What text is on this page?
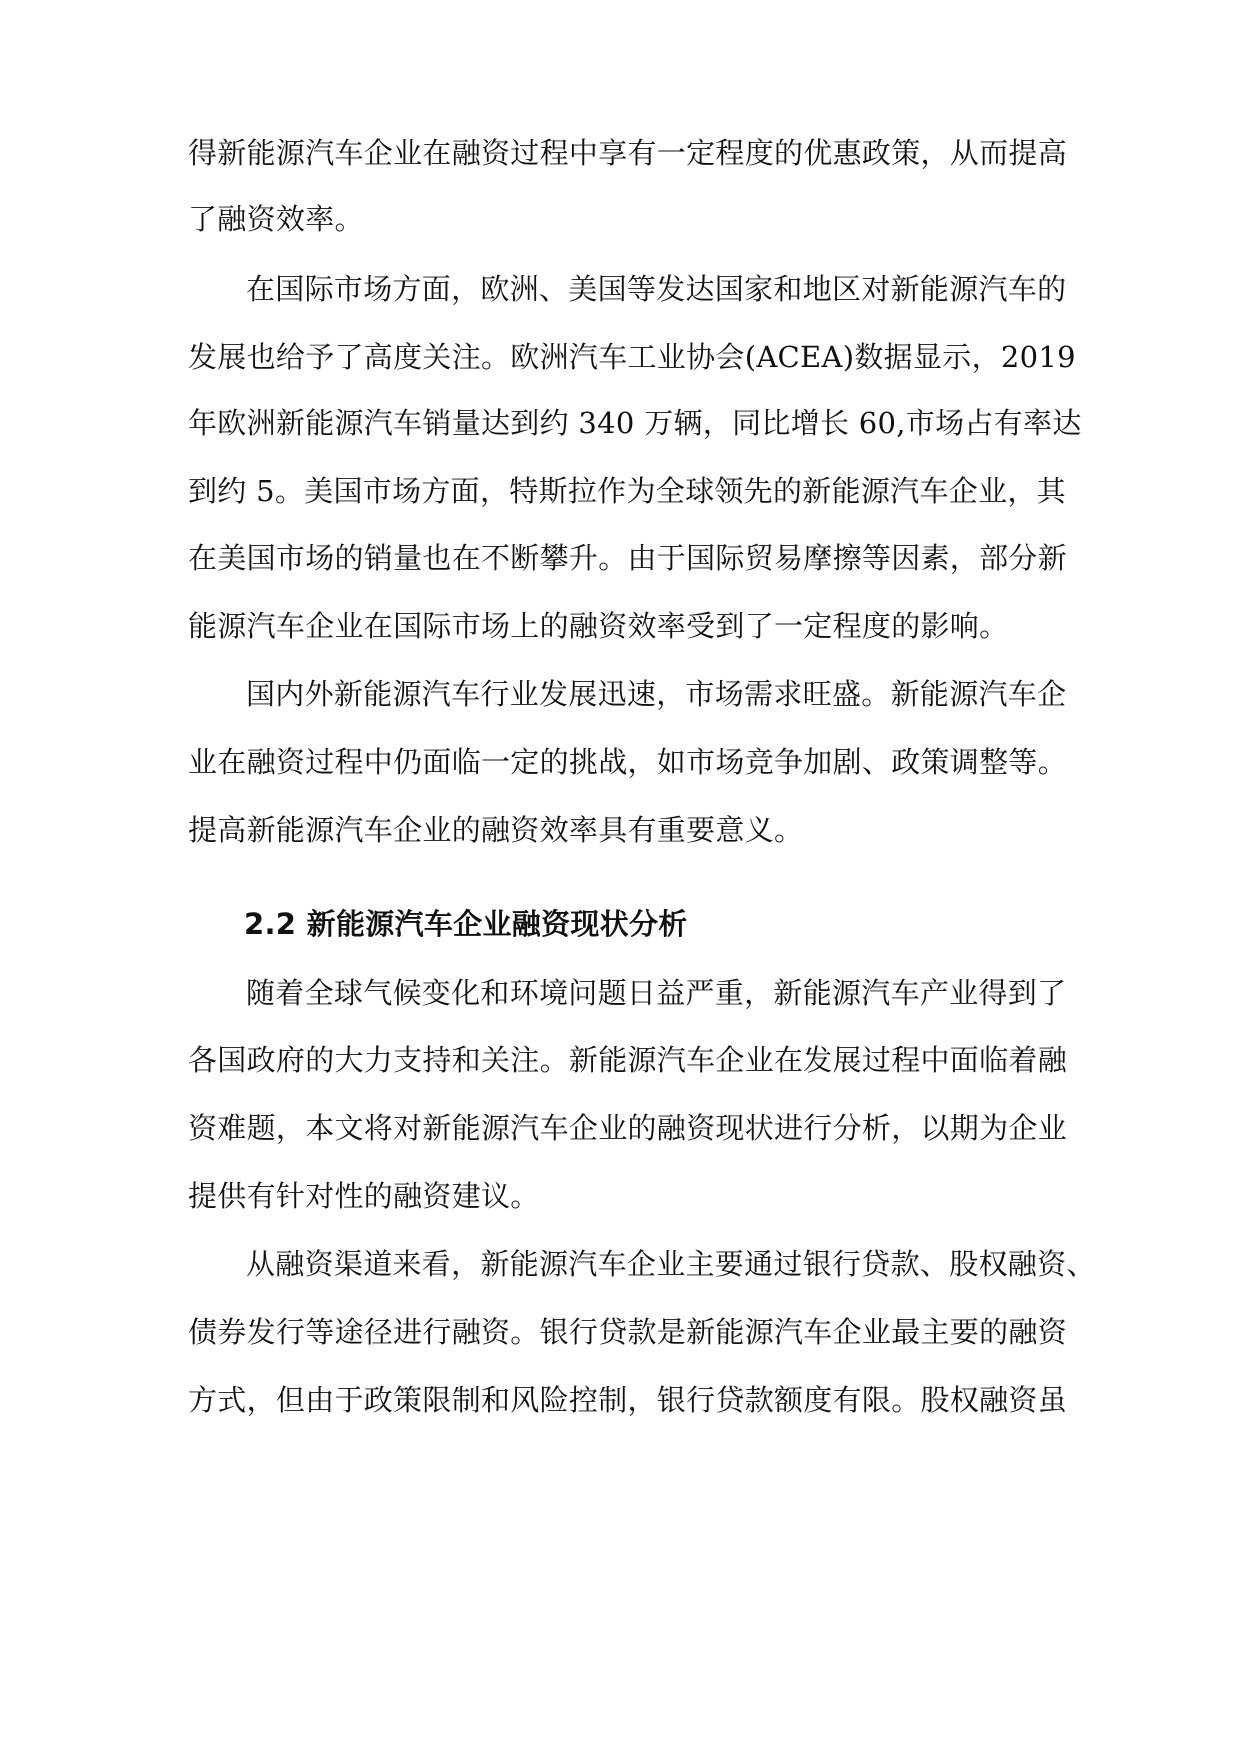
得新能源汽车企业在融资过程中享有一定程度的优惠政策，从而提高
了融资效率。
在国际市场方面，欧洲、美国等发达国家和地区对新能源汽车的
发展也给予了高度关注。欧洲汽车工业协会(ACEA)数据显示，2019
年欧洲新能源汽车销量达到约 340 万辆，同比增长 60,市场占有率达
到约 5。美国市场方面，特斯拉作为全球领先的新能源汽车企业，其
在美国市场的销量也在不断攀升。由于国际贸易摩擦等因素，部分新
能源汽车企业在国际市场上的融资效率受到了一定程度的影响。
国内外新能源汽车行业发展迅速，市场需求旺盛。新能源汽车企
业在融资过程中仍面临一定的挑战，如市场竞争加剧、政策调整等。
提高新能源汽车企业的融资效率具有重要意义。
2.2 新能源汽车企业融资现状分析
随着全球气候变化和环境问题日益严重，新能源汽车产业得到了
各国政府的大力支持和关注。新能源汽车企业在发展过程中面临着融
资难题，本文将对新能源汽车企业的融资现状进行分析，以期为企业
提供有针对性的融资建议。
从融资渠道来看，新能源汽车企业主要通过银行贷款、股权融资、
债券发行等途径进行融资。银行贷款是新能源汽车企业最主要的融资
方式，但由于政策限制和风险控制，银行贷款额度有限。股权融资虽
